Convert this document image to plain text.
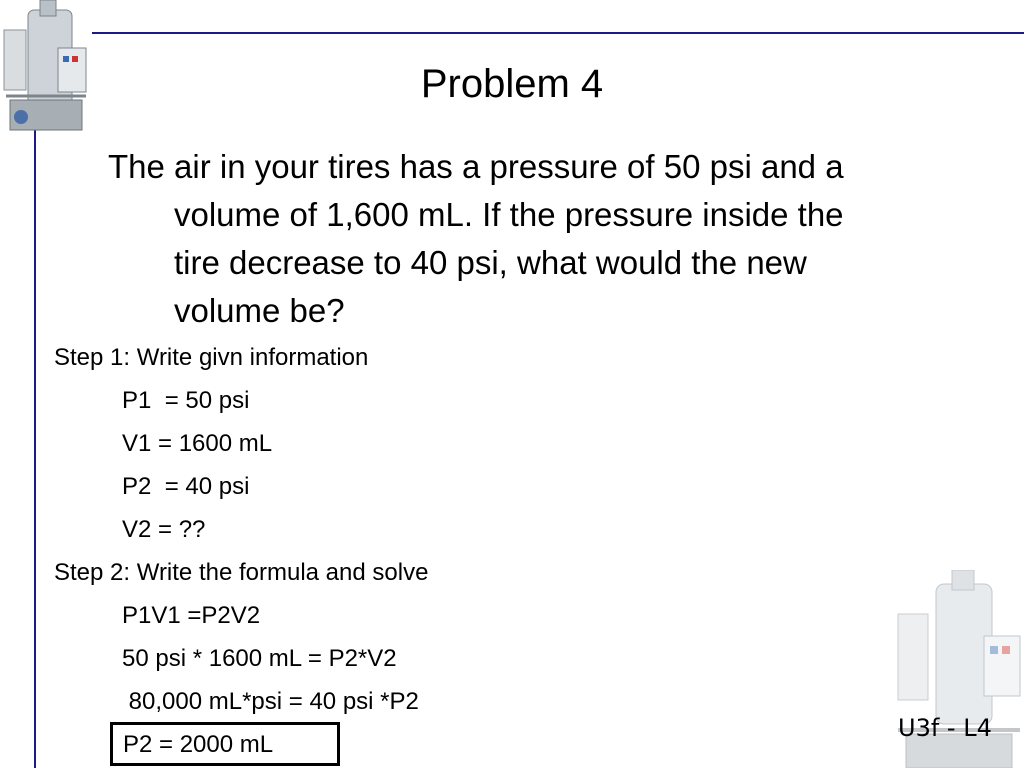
Problem 4
The air in your tires has a pressure of 50 psi and a
volume of 1,600 mL. If the pressure inside the
tire decrease to 40 psi, what would the new
volume be?
Step 1: Write givn information
P1  = 50 psi
V1 = 1600 mL
P2  = 40 psi
V2 = ??
Step 2: Write the formula and solve
P1V1 =P2V2
50 psi * 1600 mL = P2*V2
80,000 mL*psi = 40 psi *P2
P2 = 2000 mL
U3f - L4
